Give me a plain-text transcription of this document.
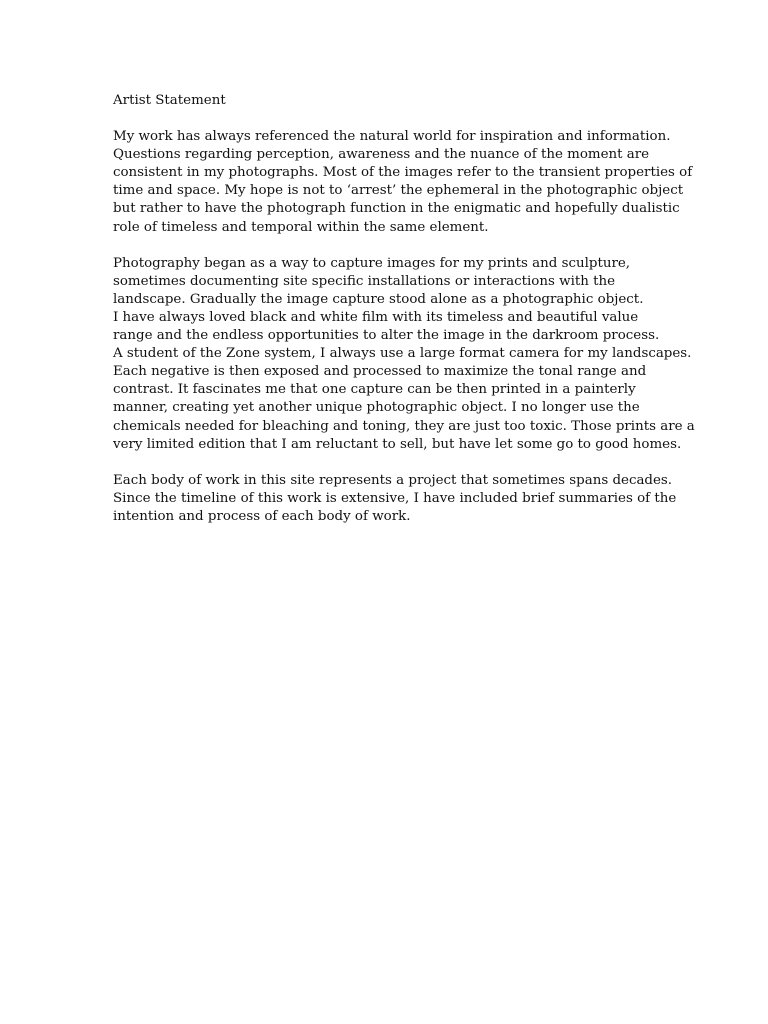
Artist Statement
My work has always referenced the natural world for inspiration and information.
Questions regarding perception, awareness and the nuance of the moment are
consistent in my photographs. Most of the images refer to the transient properties of
time and space. My hope is not to ‘arrest’ the ephemeral in the photographic object
but rather to have the photograph function in the enigmatic and hopefully dualistic
role of timeless and temporal within the same element.
Photography began as a way to capture images for my prints and sculpture,
sometimes documenting site specific installations or interactions with the
landscape. Gradually the image capture stood alone as a photographic object.
I have always loved black and white film with its timeless and beautiful value
range and the endless opportunities to alter the image in the darkroom process.
A student of the Zone system, I always use a large format camera for my landscapes.
Each negative is then exposed and processed to maximize the tonal range and
contrast. It fascinates me that one capture can be then printed in a painterly
manner, creating yet another unique photographic object. I no longer use the
chemicals needed for bleaching and toning, they are just too toxic. Those prints are a
very limited edition that I am reluctant to sell, but have let some go to good homes.
Each body of work in this site represents a project that sometimes spans decades.
Since the timeline of this work is extensive, I have included brief summaries of the
intention and process of each body of work.
